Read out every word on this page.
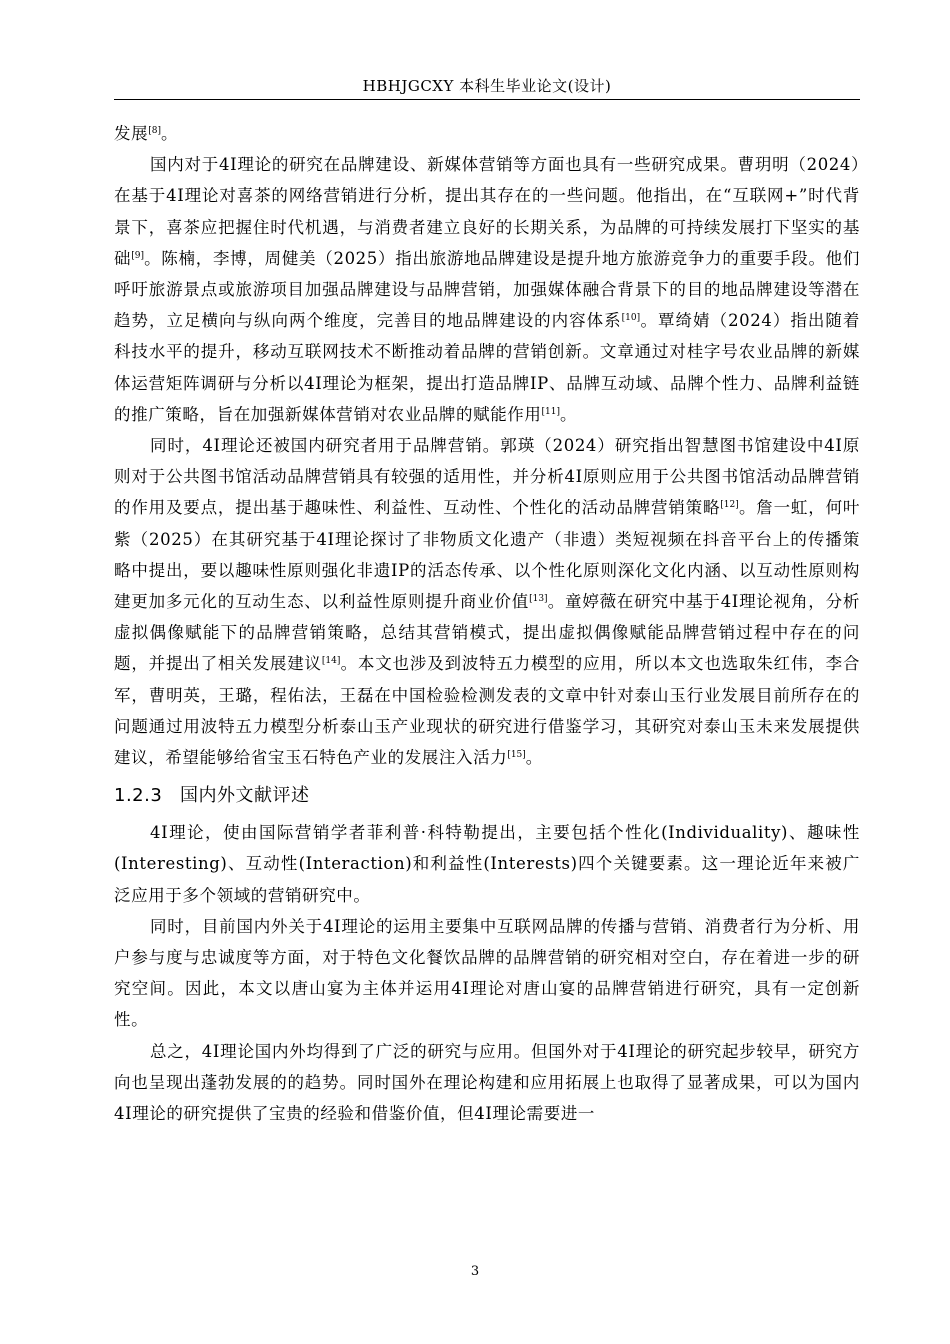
HBHJGCXY 本科生毕业论文(设计)

发展[8]。

国内对于4I理论的研究在品牌建设、新媒体营销等方面也具有一些研究成果。曹玥明（2024）在基于4I理论对喜茶的网络营销进行分析，提出其存在的一些问题。他指出，在“互联网+”时代背景下，喜茶应把握住时代机遇，与消费者建立良好的长期关系，为品牌的可持续发展打下坚实的基础[9]。陈楠，李博，周健美（2025）指出旅游地品牌建设是提升地方旅游竞争力的重要手段。他们呼吁旅游景点或旅游项目加强品牌建设与品牌营销，加强媒体融合背景下的目的地品牌建设等潜在趋势，立足横向与纵向两个维度，完善目的地品牌建设的内容体系[10]。覃绮婧（2024）指出随着科技水平的提升，移动互联网技术不断推动着品牌的营销创新。文章通过对桂字号农业品牌的新媒体运营矩阵调研与分析以4I理论为框架，提出打造品牌IP、品牌互动域、品牌个性力、品牌利益链的推广策略，旨在加强新媒体营销对农业品牌的赋能作用[11]。

同时，4I理论还被国内研究者用于品牌营销。郭瑛（2024）研究指出智慧图书馆建设中4I原则对于公共图书馆活动品牌营销具有较强的适用性，并分析4I原则应用于公共图书馆活动品牌营销的作用及要点，提出基于趣味性、利益性、互动性、个性化的活动品牌营销策略[12]。詹一虹，何叶紫（2025）在其研究基于4I理论探讨了非物质文化遗产（非遗）类短视频在抖音平台上的传播策略中提出，要以趣味性原则强化非遗IP的活态传承、以个性化原则深化文化内涵、以互动性原则构建更加多元化的互动生态、以利益性原则提升商业价值[13]。童婷薇在研究中基于4I理论视角，分析虚拟偶像赋能下的品牌营销策略，总结其营销模式，提出虚拟偶像赋能品牌营销过程中存在的问题，并提出了相关发展建议[14]。本文也涉及到波特五力模型的应用，所以本文也选取朱红伟，李合军，曹明英，王璐，程佑法，王磊在中国检验检测发表的文章中针对泰山玉行业发展目前所存在的问题通过用波特五力模型分析泰山玉产业现状的研究进行借鉴学习，其研究对泰山玉未来发展提供建议，希望能够给省宝玉石特色产业的发展注入活力[15]。

1.2.3 国内外文献评述

4I理论，使由国际营销学者菲利普·科特勒提出，主要包括个性化(Individuality)、趣味性(Interesting)、互动性(Interaction)和利益性(Interests)四个关键要素。这一理论近年来被广泛应用于多个领域的营销研究中。

同时，目前国内外关于4I理论的运用主要集中互联网品牌的传播与营销、消费者行为分析、用户参与度与忠诚度等方面，对于特色文化餐饮品牌的品牌营销的研究相对空白，存在着进一步的研究空间。因此，本文以唐山宴为主体并运用4I理论对唐山宴的品牌营销进行研究，具有一定创新性。

总之，4I理论国内外均得到了广泛的研究与应用。但国外对于4I理论的研究起步较早，研究方向也呈现出蓬勃发展的的趋势。同时国外在理论构建和应用拓展上也取得了显著成果，可以为国内4I理论的研究提供了宝贵的经验和借鉴价值，但4I理论需要进一

3
